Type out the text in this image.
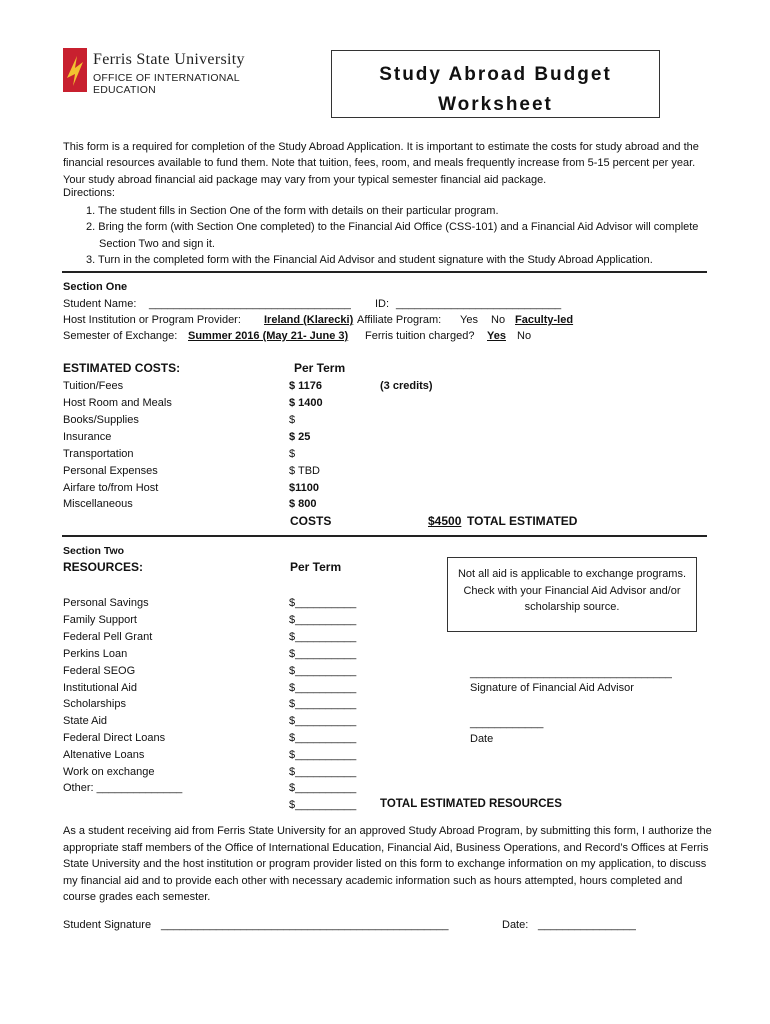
Ferris State University
OFFICE OF INTERNATIONAL EDUCATION
Study Abroad Budget
Worksheet
This form is a required for completion of the Study Abroad Application. It is important to estimate the costs for study abroad and the financial resources available to fund them. Note that tuition, fees, room, and meals frequently increase from 5-15 percent per year. Your study abroad financial aid package may vary from your typical semester financial aid package.
Directions:
1. The student fills in Section One of the form with details on their particular program.
2. Bring the form (with Section One completed) to the Financial Aid Office (CSS-101) and a Financial Aid Advisor will complete Section Two and sign it.
3. Turn in the completed form with the Financial Aid Advisor and student signature with the Study Abroad Application.
Section One
Student Name: _________________________________ ID: ___________________________
Host Institution or Program Provider: Ireland (Klarecki) Affiliate Program: Yes No Faculty-led
Semester of Exchange: Summer 2016 (May 21- June 3) Ferris tuition charged? Yes No
ESTIMATED COSTS:	Per Term
Tuition/Fees	$ 1176	(3 credits)
Host Room and Meals	$ 1400
Books/Supplies	$
Insurance	$ 25
Transportation	$
Personal Expenses	$ TBD
Airfare to/from Host	$1100
Miscellaneous	$ 800
COSTS	$4500 TOTAL ESTIMATED
Section Two
RESOURCES:	Per Term	Not all aid is applicable to exchange programs. Check with your Financial Aid Advisor and/or scholarship source.
Personal Savings	$__________
Family Support	$__________
Federal Pell Grant	$__________
Perkins Loan	$__________
Federal SEOG	$__________
Institutional Aid	$__________
Scholarships	$__________
State Aid	$__________
Federal Direct Loans	$__________
Altenative Loans	$__________
Work on exchange	$__________
Other: ______________	$__________
$__________ TOTAL ESTIMATED RESOURCES
_________________________________
Signature of Financial Aid Advisor
____________
Date
As a student receiving aid from Ferris State University for an approved Study Abroad Program, by submitting this form, I authorize the appropriate staff members of the Office of International Education, Financial Aid, Business Operations, and Record’s Offices at Ferris State University and the host institution or program provider listed on this form to exchange information on my application, to discuss my financial aid and to provide each other with necessary academic information such as hours attempted, hours completed and course grades each semester.
Student Signature _______________________________________________	Date: ________________
